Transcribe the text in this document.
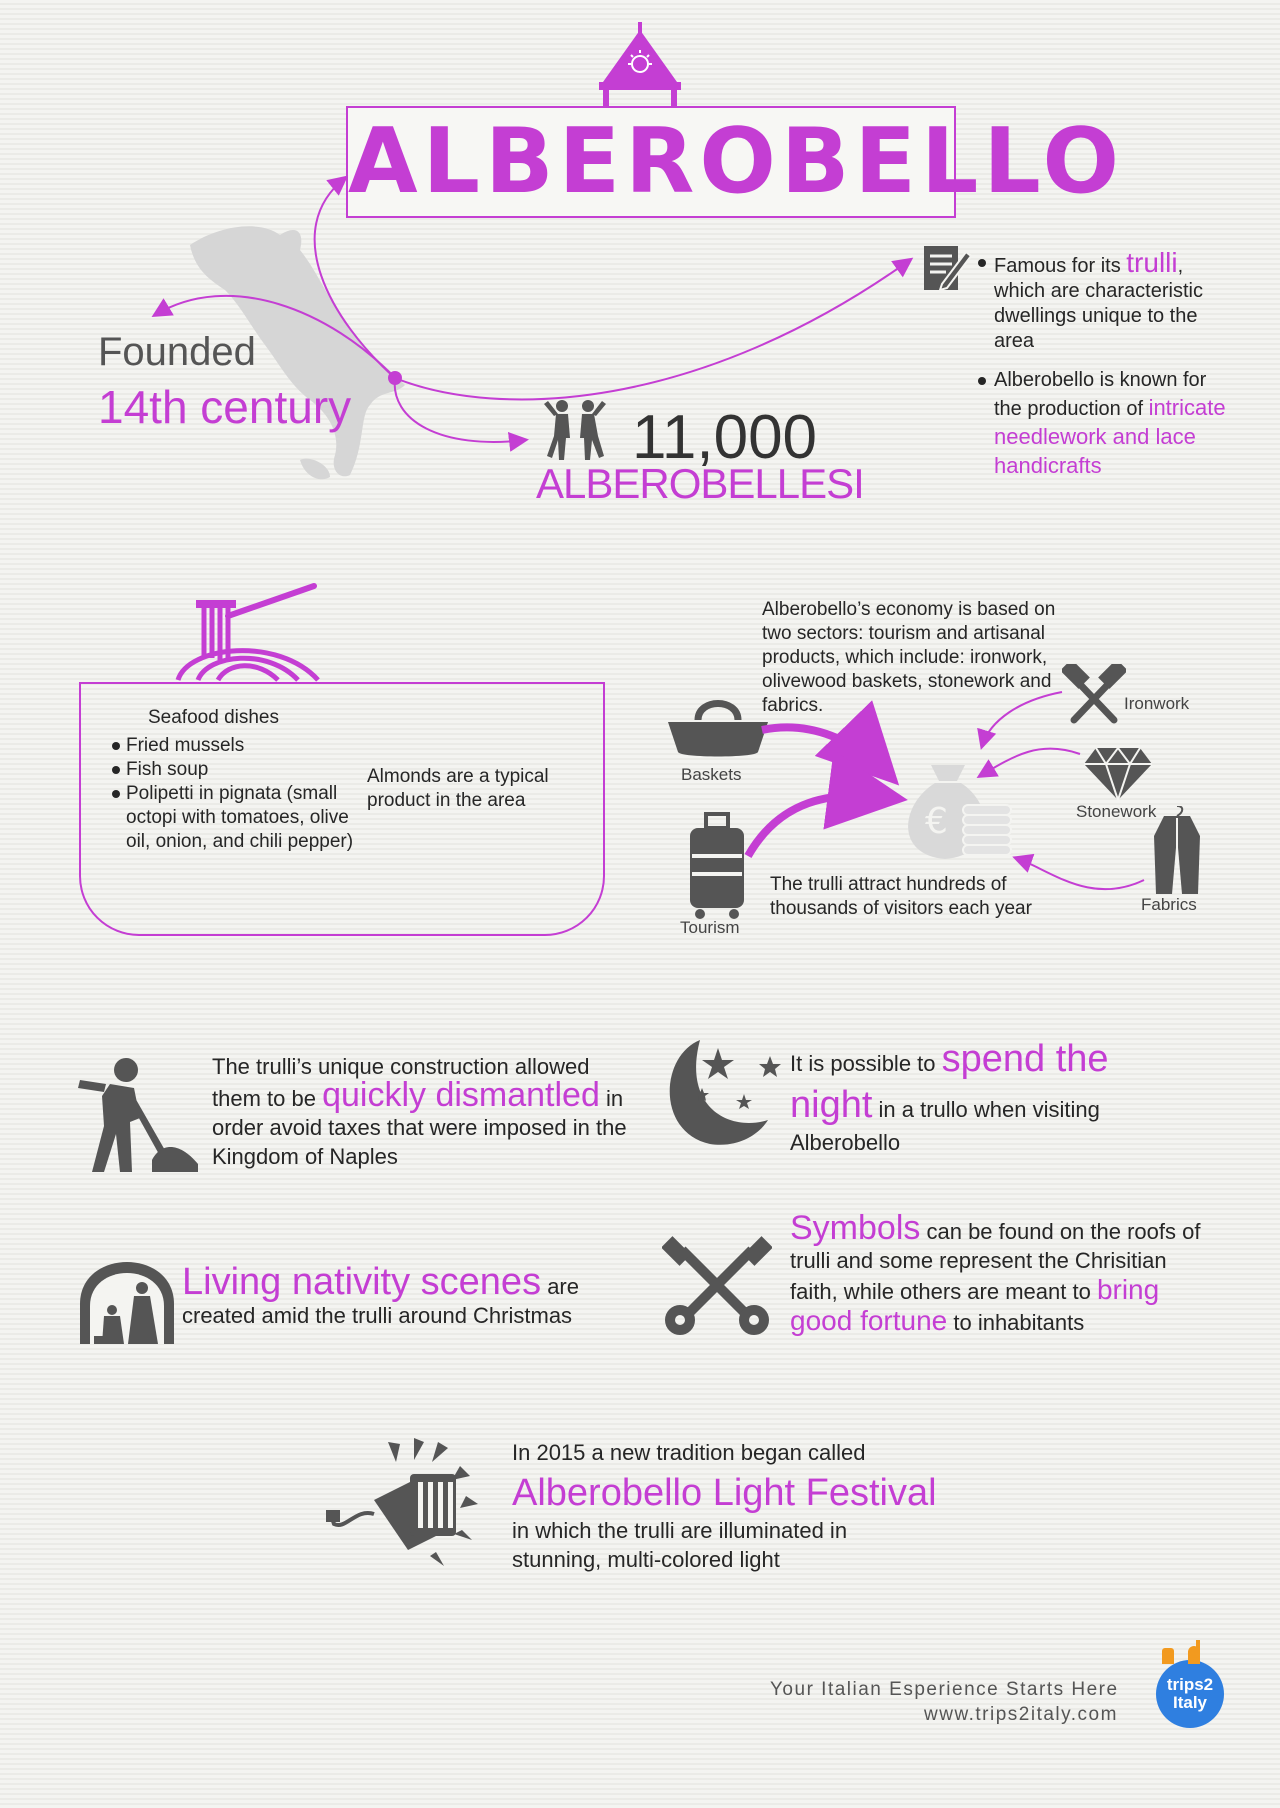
ALBEROBELLO
Founded
14th century	11,000
ALBEROBELLESI
Famous for its trulli, which are characteristic dwellings unique to the area
Alberobello is known for the production of intricate needlework and lace handicrafts
Seafood dishes
Fried mussels
Fish soup
Polipetti in pignata (small octopi with tomatoes, olive oil, onion, and chili pepper)
Almonds are a typical product in the area
Alberobello’s economy is based on two sectors: tourism and artisanal products, which include: ironwork, olivewood baskets, stonework and fabrics.
Baskets
Tourism
€
Ironwork
Stonework
Fabrics
The trulli attract hundreds of thousands of visitors each year
The trulli’s unique construction allowed them to be quickly dismantled in order avoid taxes that were imposed in the Kingdom of Naples
It is possible to spend the night in a trullo when visiting Alberobello
Living nativity scenes are created amid the trulli around Christmas
Symbols can be found on the roofs of trulli and some represent the Chrisitian faith, while others are meant to bring good fortune to inhabitants
In 2015 a new tradition began called
Alberobello Light Festival
in which the trulli are illuminated in stunning, multi-colored light
Your Italian Esperience Starts Here
www.trips2italy.com
trips2
Italy
